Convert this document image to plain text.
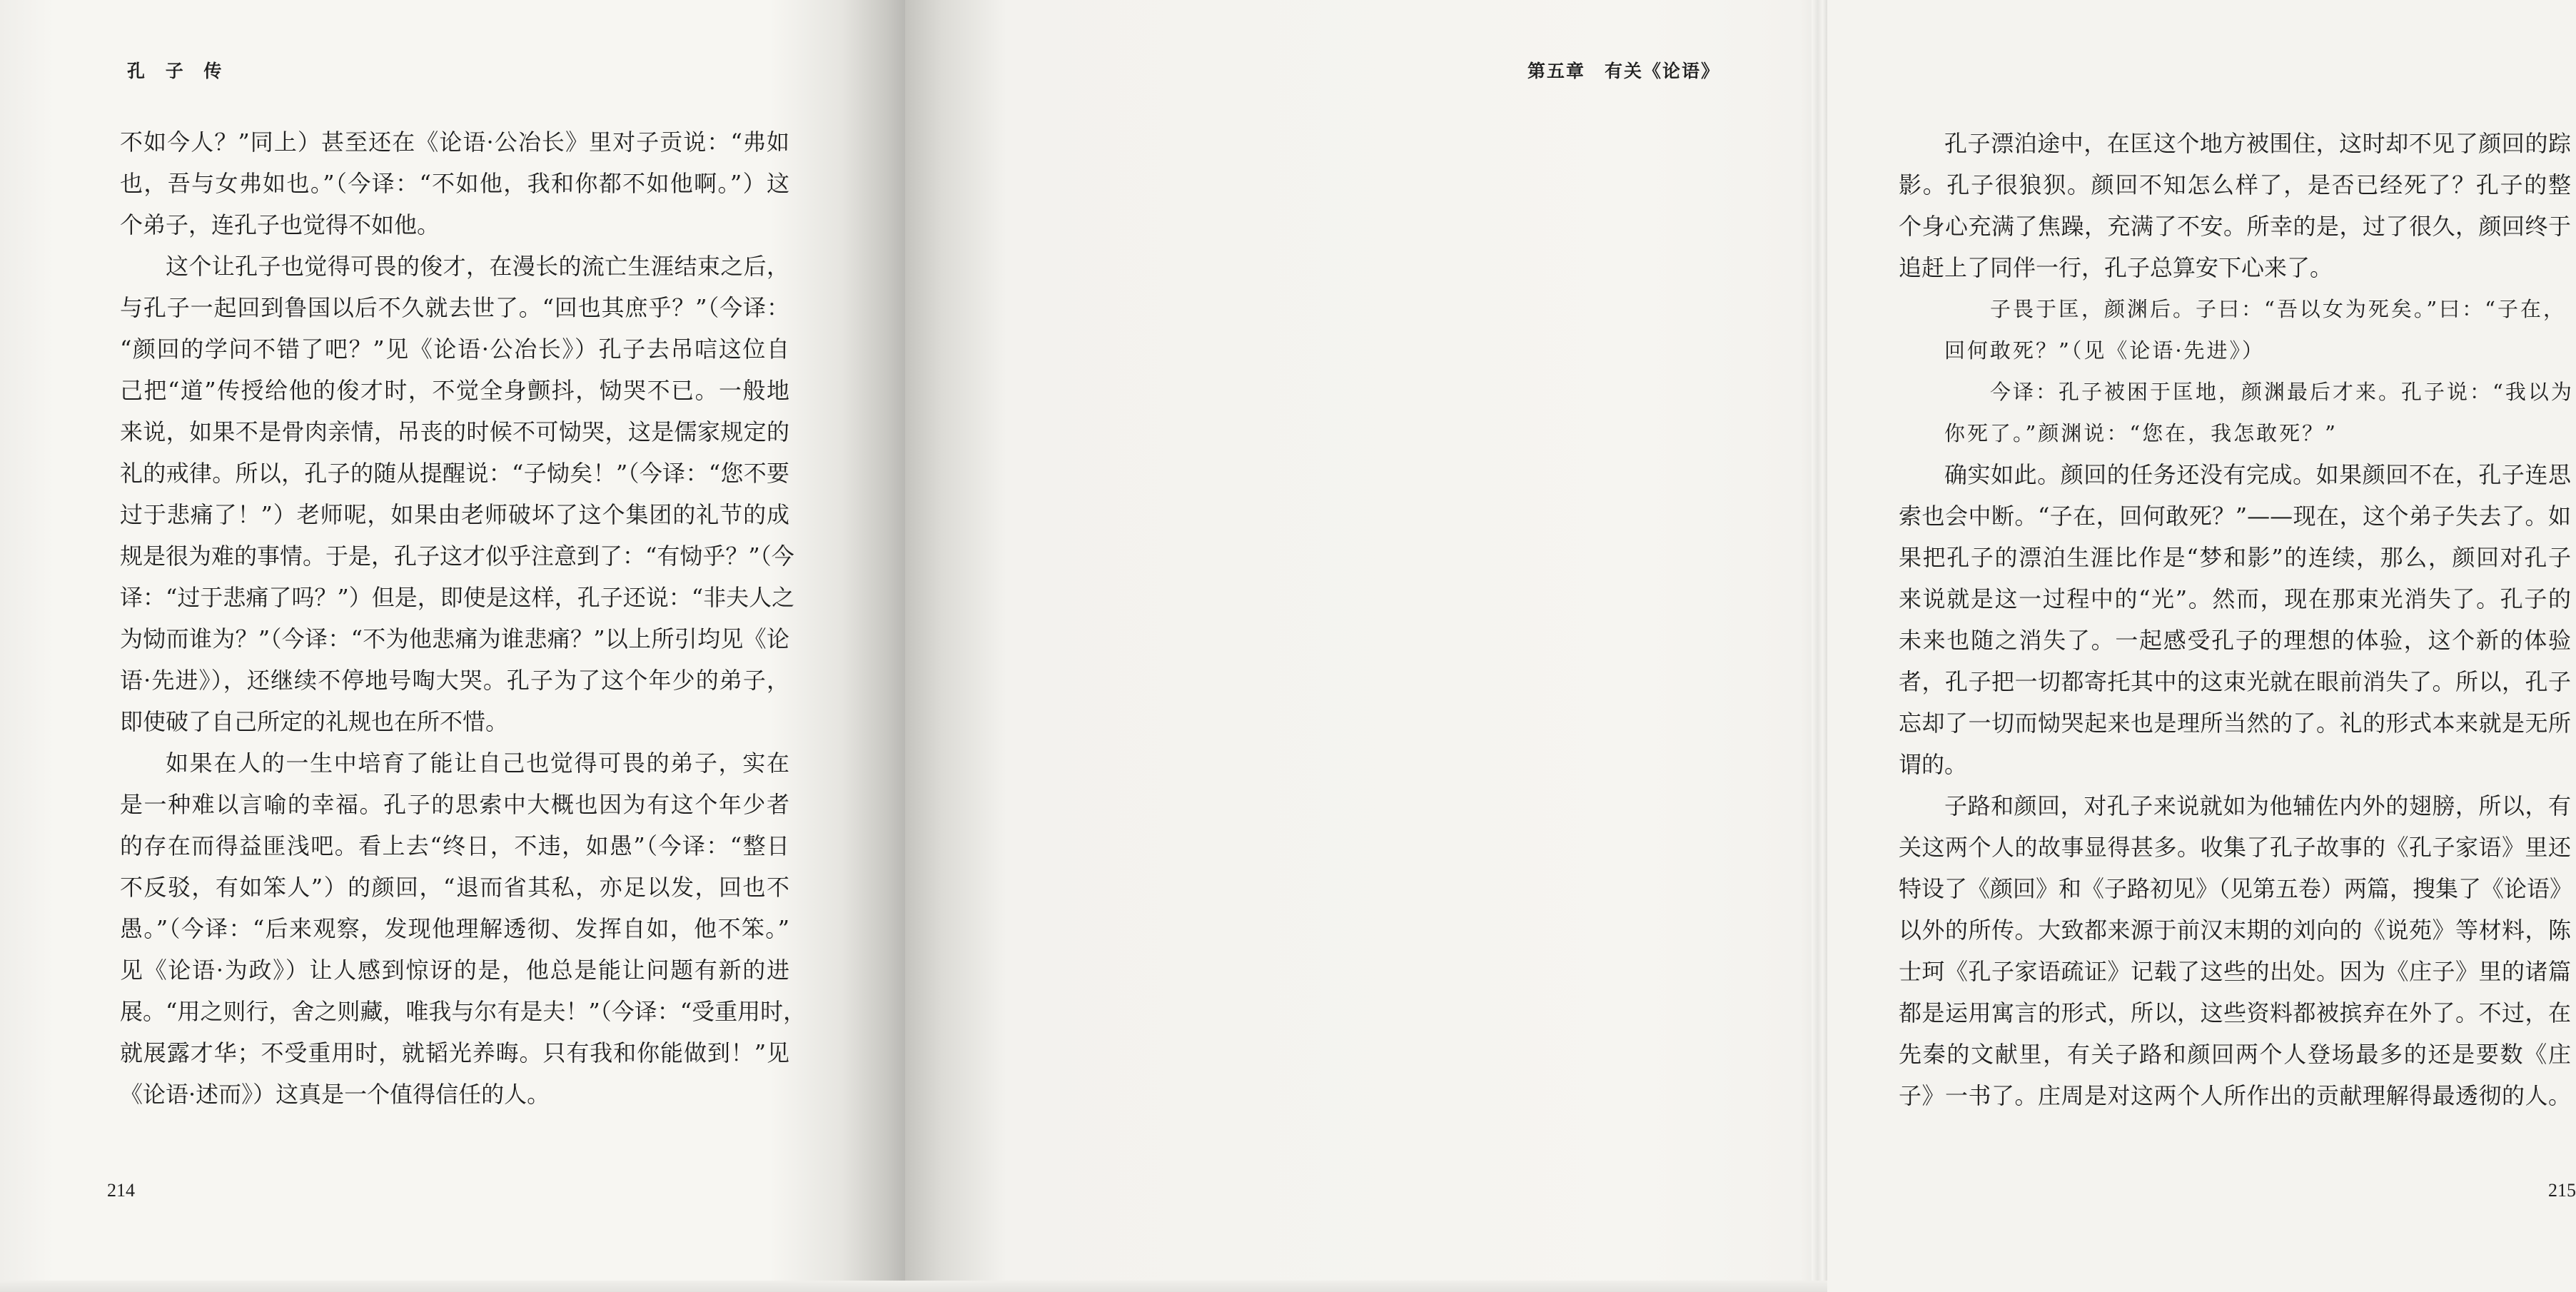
孔 子 传
不如今人？”同上）甚至还在《论语·公冶长》里对子贡说：“弗如
也，吾与女弗如也。”（今译：“不如他，我和你都不如他啊。”）这
个弟子，连孔子也觉得不如他。
这个让孔子也觉得可畏的俊才，在漫长的流亡生涯结束之后，
与孔子一起回到鲁国以后不久就去世了。“回也其庶乎？”（今译：
“颜回的学问不错了吧？”见《论语·公冶长》）孔子去吊唁这位自
己把“道”传授给他的俊才时，不觉全身颤抖，恸哭不已。一般地
来说，如果不是骨肉亲情，吊丧的时候不可恸哭，这是儒家规定的
礼的戒律。所以，孔子的随从提醒说：“子恸矣！”（今译：“您不要
过于悲痛了！”）老师呢，如果由老师破坏了这个集团的礼节的成
规是很为难的事情。于是，孔子这才似乎注意到了：“有恸乎？”（今
译：“过于悲痛了吗？”）但是，即使是这样，孔子还说：“非夫人之
为恸而谁为？”（今译：“不为他悲痛为谁悲痛？”以上所引均见《论
语·先进》），还继续不停地号啕大哭。孔子为了这个年少的弟子，
即使破了自己所定的礼规也在所不惜。
如果在人的一生中培育了能让自己也觉得可畏的弟子，实在
是一种难以言喻的幸福。孔子的思索中大概也因为有这个年少者
的存在而得益匪浅吧。看上去“终日，不违，如愚”（今译：“整日
不反驳，有如笨人”）的颜回，“退而省其私，亦足以发，回也不
愚。”（今译：“后来观察，发现他理解透彻、发挥自如，他不笨。”
见《论语·为政》）让人感到惊讶的是，他总是能让问题有新的进
展。“用之则行，舍之则藏，唯我与尔有是夫！”（今译：“受重用时，
就展露才华；不受重用时，就韬光养晦。只有我和你能做到！”见
《论语·述而》）这真是一个值得信任的人。
214
第五章　有关《论语》
孔子漂泊途中，在匡这个地方被围住，这时却不见了颜回的踪
影。孔子很狼狈。颜回不知怎么样了，是否已经死了？孔子的整
个身心充满了焦躁，充满了不安。所幸的是，过了很久，颜回终于
追赶上了同伴一行，孔子总算安下心来了。
子畏于匡，颜渊后。子曰：“吾以女为死矣。”曰：“子在，
回何敢死？”（见《论语·先进》）
今译：孔子被困于匡地，颜渊最后才来。孔子说：“我以为
你死了。”颜渊说：“您在，我怎敢死？”
确实如此。颜回的任务还没有完成。如果颜回不在，孔子连思
索也会中断。“子在，回何敢死？”——现在，这个弟子失去了。如
果把孔子的漂泊生涯比作是“梦和影”的连续，那么，颜回对孔子
来说就是这一过程中的“光”。然而，现在那束光消失了。孔子的
未来也随之消失了。一起感受孔子的理想的体验，这个新的体验
者，孔子把一切都寄托其中的这束光就在眼前消失了。所以，孔子
忘却了一切而恸哭起来也是理所当然的了。礼的形式本来就是无所
谓的。
子路和颜回，对孔子来说就如为他辅佐内外的翅膀，所以，有
关这两个人的故事显得甚多。收集了孔子故事的《孔子家语》里还
特设了《颜回》和《子路初见》（见第五卷）两篇，搜集了《论语》
以外的所传。大致都来源于前汉末期的刘向的《说苑》等材料，陈
士珂《孔子家语疏证》记载了这些的出处。因为《庄子》里的诸篇
都是运用寓言的形式，所以，这些资料都被摈弃在外了。不过，在
先秦的文献里，有关子路和颜回两个人登场最多的还是要数《庄
子》一书了。庄周是对这两个人所作出的贡献理解得最透彻的人。
215
